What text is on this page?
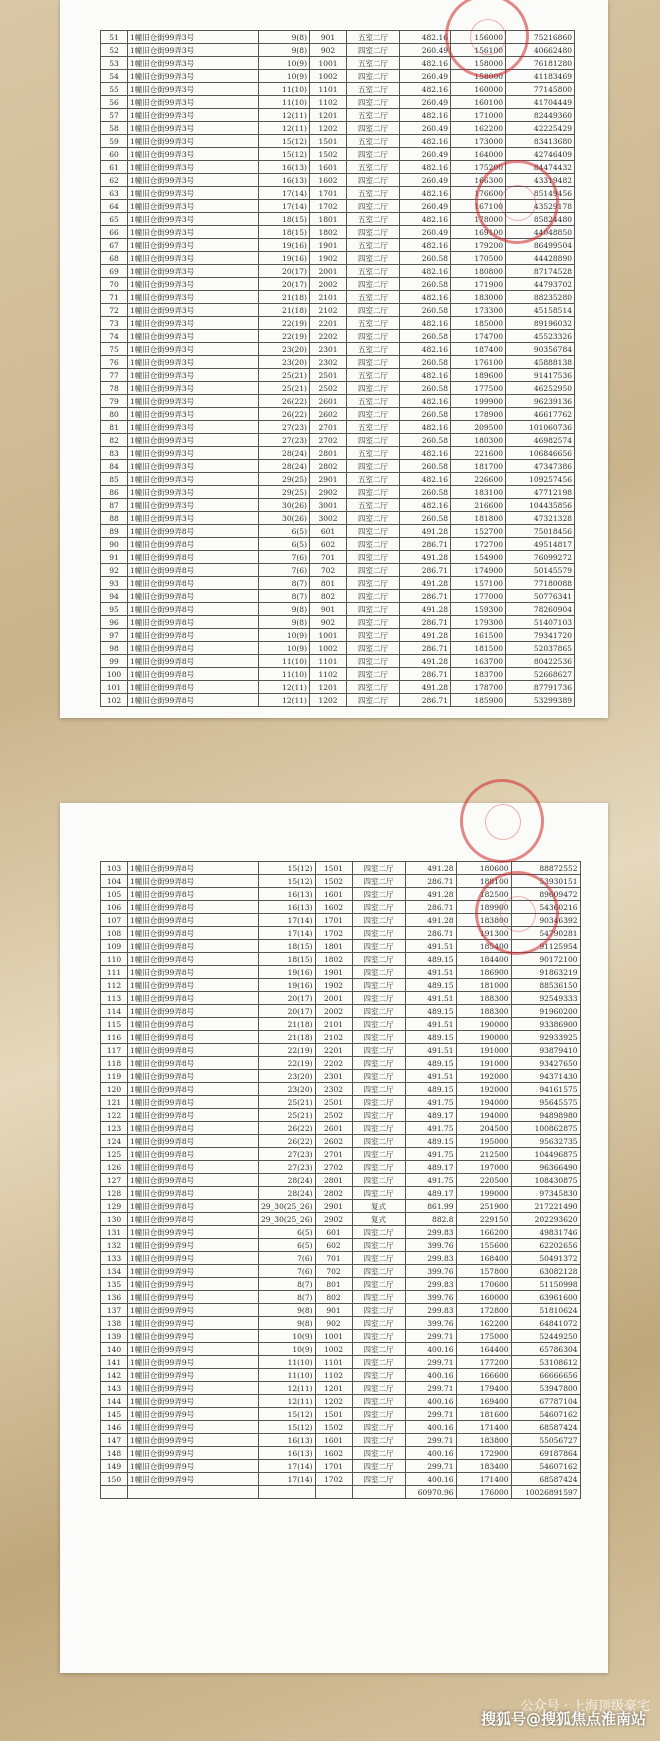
51	1幢旧仓街99弄3号	9(8)	901	五室二厅	482.16	156000	75216860
52	1幢旧仓街99弄3号	9(8)	902	四室二厅	260.49	156100	40662480
53	1幢旧仓街99弄3号	10(9)	1001	五室二厅	482.16	158000	76181280
54	1幢旧仓街99弄3号	10(9)	1002	四室二厅	260.49	158000	41183469
55	1幢旧仓街99弄3号	11(10)	1101	五室二厅	482.16	160000	77145800
56	1幢旧仓街99弄3号	11(10)	1102	四室二厅	260.49	160100	41704449
57	1幢旧仓街99弄3号	12(11)	1201	五室二厅	482.16	171000	82449360
58	1幢旧仓街99弄3号	12(11)	1202	四室二厅	260.49	162200	42225429
59	1幢旧仓街99弄3号	15(12)	1501	五室二厅	482.16	173000	83413680
60	1幢旧仓街99弄3号	15(12)	1502	四室二厅	260.49	164000	42746409
61	1幢旧仓街99弄3号	16(13)	1601	五室二厅	482.16	175200	84474432
62	1幢旧仓街99弄3号	16(13)	1602	四室二厅	260.49	166300	43319482
63	1幢旧仓街99弄3号	17(14)	1701	五室二厅	482.16	176600	85149456
64	1幢旧仓街99弄3号	17(14)	1702	四室二厅	260.49	167100	43529178
65	1幢旧仓街99弄3号	18(15)	1801	五室二厅	482.16	178000	85824480
66	1幢旧仓街99弄3号	18(15)	1802	四室二厅	260.49	169100	44048850
67	1幢旧仓街99弄3号	19(16)	1901	五室二厅	482.16	179200	86499504
68	1幢旧仓街99弄3号	19(16)	1902	四室二厅	260.58	170500	44428890
69	1幢旧仓街99弄3号	20(17)	2001	五室二厅	482.16	180800	87174528
70	1幢旧仓街99弄3号	20(17)	2002	四室二厅	260.58	171900	44793702
71	1幢旧仓街99弄3号	21(18)	2101	五室二厅	482.16	183000	88235280
72	1幢旧仓街99弄3号	21(18)	2102	四室二厅	260.58	173300	45158514
73	1幢旧仓街99弄3号	22(19)	2201	五室二厅	482.16	185000	89196032
74	1幢旧仓街99弄3号	22(19)	2202	四室二厅	260.58	174700	45523326
75	1幢旧仓街99弄3号	23(20)	2301	五室二厅	482.16	187400	90356784
76	1幢旧仓街99弄3号	23(20)	2302	四室二厅	260.58	176100	45888138
77	1幢旧仓街99弄3号	25(21)	2501	五室二厅	482.16	189600	91417536
78	1幢旧仓街99弄3号	25(21)	2502	四室二厅	260.58	177500	46252950
79	1幢旧仓街99弄3号	26(22)	2601	五室二厅	482.16	199900	96239136
80	1幢旧仓街99弄3号	26(22)	2602	四室二厅	260.58	178900	46617762
81	1幢旧仓街99弄3号	27(23)	2701	五室二厅	482.16	209500	101060736
82	1幢旧仓街99弄3号	27(23)	2702	四室二厅	260.58	180300	46982574
83	1幢旧仓街99弄3号	28(24)	2801	五室二厅	482.16	221600	106846656
84	1幢旧仓街99弄3号	28(24)	2802	四室二厅	260.58	181700	47347386
85	1幢旧仓街99弄3号	29(25)	2901	五室二厅	482.16	226600	109257456
86	1幢旧仓街99弄3号	29(25)	2902	四室二厅	260.58	183100	47712198
87	1幢旧仓街99弄3号	30(26)	3001	五室二厅	482.16	216600	104435856
88	1幢旧仓街99弄3号	30(26)	3002	四室二厅	260.58	181800	47321328
89	1幢旧仓街99弄8号	6(5)	601	四室二厅	491.28	152700	75018456
90	1幢旧仓街99弄8号	6(5)	602	四室二厅	286.71	172700	49514817
91	1幢旧仓街99弄8号	7(6)	701	四室二厅	491.28	154900	76099272
92	1幢旧仓街99弄8号	7(6)	702	四室二厅	286.71	174900	50145579
93	1幢旧仓街99弄8号	8(7)	801	四室二厅	491.28	157100	77180088
94	1幢旧仓街99弄8号	8(7)	802	四室二厅	286.71	177000	50776341
95	1幢旧仓街99弄8号	9(8)	901	四室二厅	491.28	159300	78260904
96	1幢旧仓街99弄8号	9(8)	902	四室二厅	286.71	179300	51407103
97	1幢旧仓街99弄8号	10(9)	1001	四室二厅	491.28	161500	79341720
98	1幢旧仓街99弄8号	10(9)	1002	四室二厅	286.71	181500	52037865
99	1幢旧仓街99弄8号	11(10)	1101	四室二厅	491.28	163700	80422536
100	1幢旧仓街99弄8号	11(10)	1102	四室二厅	286.71	183700	52668627
101	1幢旧仓街99弄8号	12(11)	1201	四室二厅	491.28	178700	87791736
102	1幢旧仓街99弄8号	12(11)	1202	四室二厅	286.71	185900	53299389
103	1幢旧仓街99弄8号	15(12)	1501	四室二厅	491.28	180600	88872552
104	1幢旧仓街99弄8号	15(12)	1502	四室二厅	286.71	188100	53930151
105	1幢旧仓街99弄8号	16(13)	1601	四室二厅	491.28	182500	89609472
106	1幢旧仓街99弄8号	16(13)	1602	四室二厅	286.71	189900	54360216
107	1幢旧仓街99弄8号	17(14)	1701	四室二厅	491.28	183800	90346392
108	1幢旧仓街99弄8号	17(14)	1702	四室二厅	286.71	191300	54790281
109	1幢旧仓街99弄8号	18(15)	1801	四室二厅	491.51	185400	91125954
110	1幢旧仓街99弄8号	18(15)	1802	四室二厅	489.15	184400	90172100
111	1幢旧仓街99弄8号	19(16)	1901	四室二厅	491.51	186900	91863219
112	1幢旧仓街99弄8号	19(16)	1902	四室二厅	489.15	181000	88536150
113	1幢旧仓街99弄8号	20(17)	2001	四室二厅	491.51	188300	92549333
114	1幢旧仓街99弄8号	20(17)	2002	四室二厅	489.15	188300	91960200
115	1幢旧仓街99弄8号	21(18)	2101	四室二厅	491.51	190000	93386900
116	1幢旧仓街99弄8号	21(18)	2102	四室二厅	489.15	190000	92933925
117	1幢旧仓街99弄8号	22(19)	2201	四室二厅	491.51	191000	93879410
118	1幢旧仓街99弄8号	22(19)	2202	四室二厅	489.15	191000	93427650
119	1幢旧仓街99弄8号	23(20)	2301	四室二厅	491.51	192000	94371430
120	1幢旧仓街99弄8号	23(20)	2302	四室二厅	489.15	192000	94161575
121	1幢旧仓街99弄8号	25(21)	2501	四室二厅	491.75	194000	95645575
122	1幢旧仓街99弄8号	25(21)	2502	四室二厅	489.17	194000	94898980
123	1幢旧仓街99弄8号	26(22)	2601	四室二厅	491.75	204500	100862875
124	1幢旧仓街99弄8号	26(22)	2602	四室二厅	489.15	195000	95632735
125	1幢旧仓街99弄8号	27(23)	2701	四室二厅	491.75	212500	104496875
126	1幢旧仓街99弄8号	27(23)	2702	四室二厅	489.17	197000	96366490
127	1幢旧仓街99弄8号	28(24)	2801	四室二厅	491.75	220500	108430875
128	1幢旧仓街99弄8号	28(24)	2802	四室二厅	489.17	199000	97345830
129	1幢旧仓街99弄8号	29_30(25_26)	2901	复式	861.99	251900	217221490
130	1幢旧仓街99弄8号	29_30(25_26)	2902	复式	882.8	229150	202293620
131	1幢旧仓街99弄9号	6(5)	601	四室二厅	299.83	166200	49831746
132	1幢旧仓街99弄9号	6(5)	602	四室二厅	399.76	155600	62202656
133	1幢旧仓街99弄9号	7(6)	701	四室二厅	299.83	168400	50491372
134	1幢旧仓街99弄9号	7(6)	702	四室二厅	399.76	157800	63082128
135	1幢旧仓街99弄9号	8(7)	801	四室二厅	299.83	170600	51150998
136	1幢旧仓街99弄9号	8(7)	802	四室二厅	399.76	160000	63961600
137	1幢旧仓街99弄9号	9(8)	901	四室二厅	299.83	172800	51810624
138	1幢旧仓街99弄9号	9(8)	902	四室二厅	399.76	162200	64841072
139	1幢旧仓街99弄9号	10(9)	1001	四室二厅	299.71	175000	52449250
140	1幢旧仓街99弄9号	10(9)	1002	四室二厅	400.16	164400	65786304
141	1幢旧仓街99弄9号	11(10)	1101	四室二厅	299.71	177200	53108612
142	1幢旧仓街99弄9号	11(10)	1102	四室二厅	400.16	166600	66666656
143	1幢旧仓街99弄9号	12(11)	1201	四室二厅	299.71	179400	53947800
144	1幢旧仓街99弄9号	12(11)	1202	四室二厅	400.16	169400	67787104
145	1幢旧仓街99弄9号	15(12)	1501	四室二厅	299.71	181600	54607162
146	1幢旧仓街99弄9号	15(12)	1502	四室二厅	400.16	171400	68587424
147	1幢旧仓街99弄9号	16(13)	1601	四室二厅	299.71	183800	55056727
148	1幢旧仓街99弄9号	16(13)	1602	四室二厅	400.16	172900	69187864
149	1幢旧仓街99弄9号	17(14)	1701	四室二厅	299.71	183400	54607162
150	1幢旧仓街99弄9号	17(14)	1702	四室二厅	400.16	171400	68587424
					60970.96	176000	10026891597
公众号 · 上海顶级豪宅
搜狐号@搜狐焦点淮南站
